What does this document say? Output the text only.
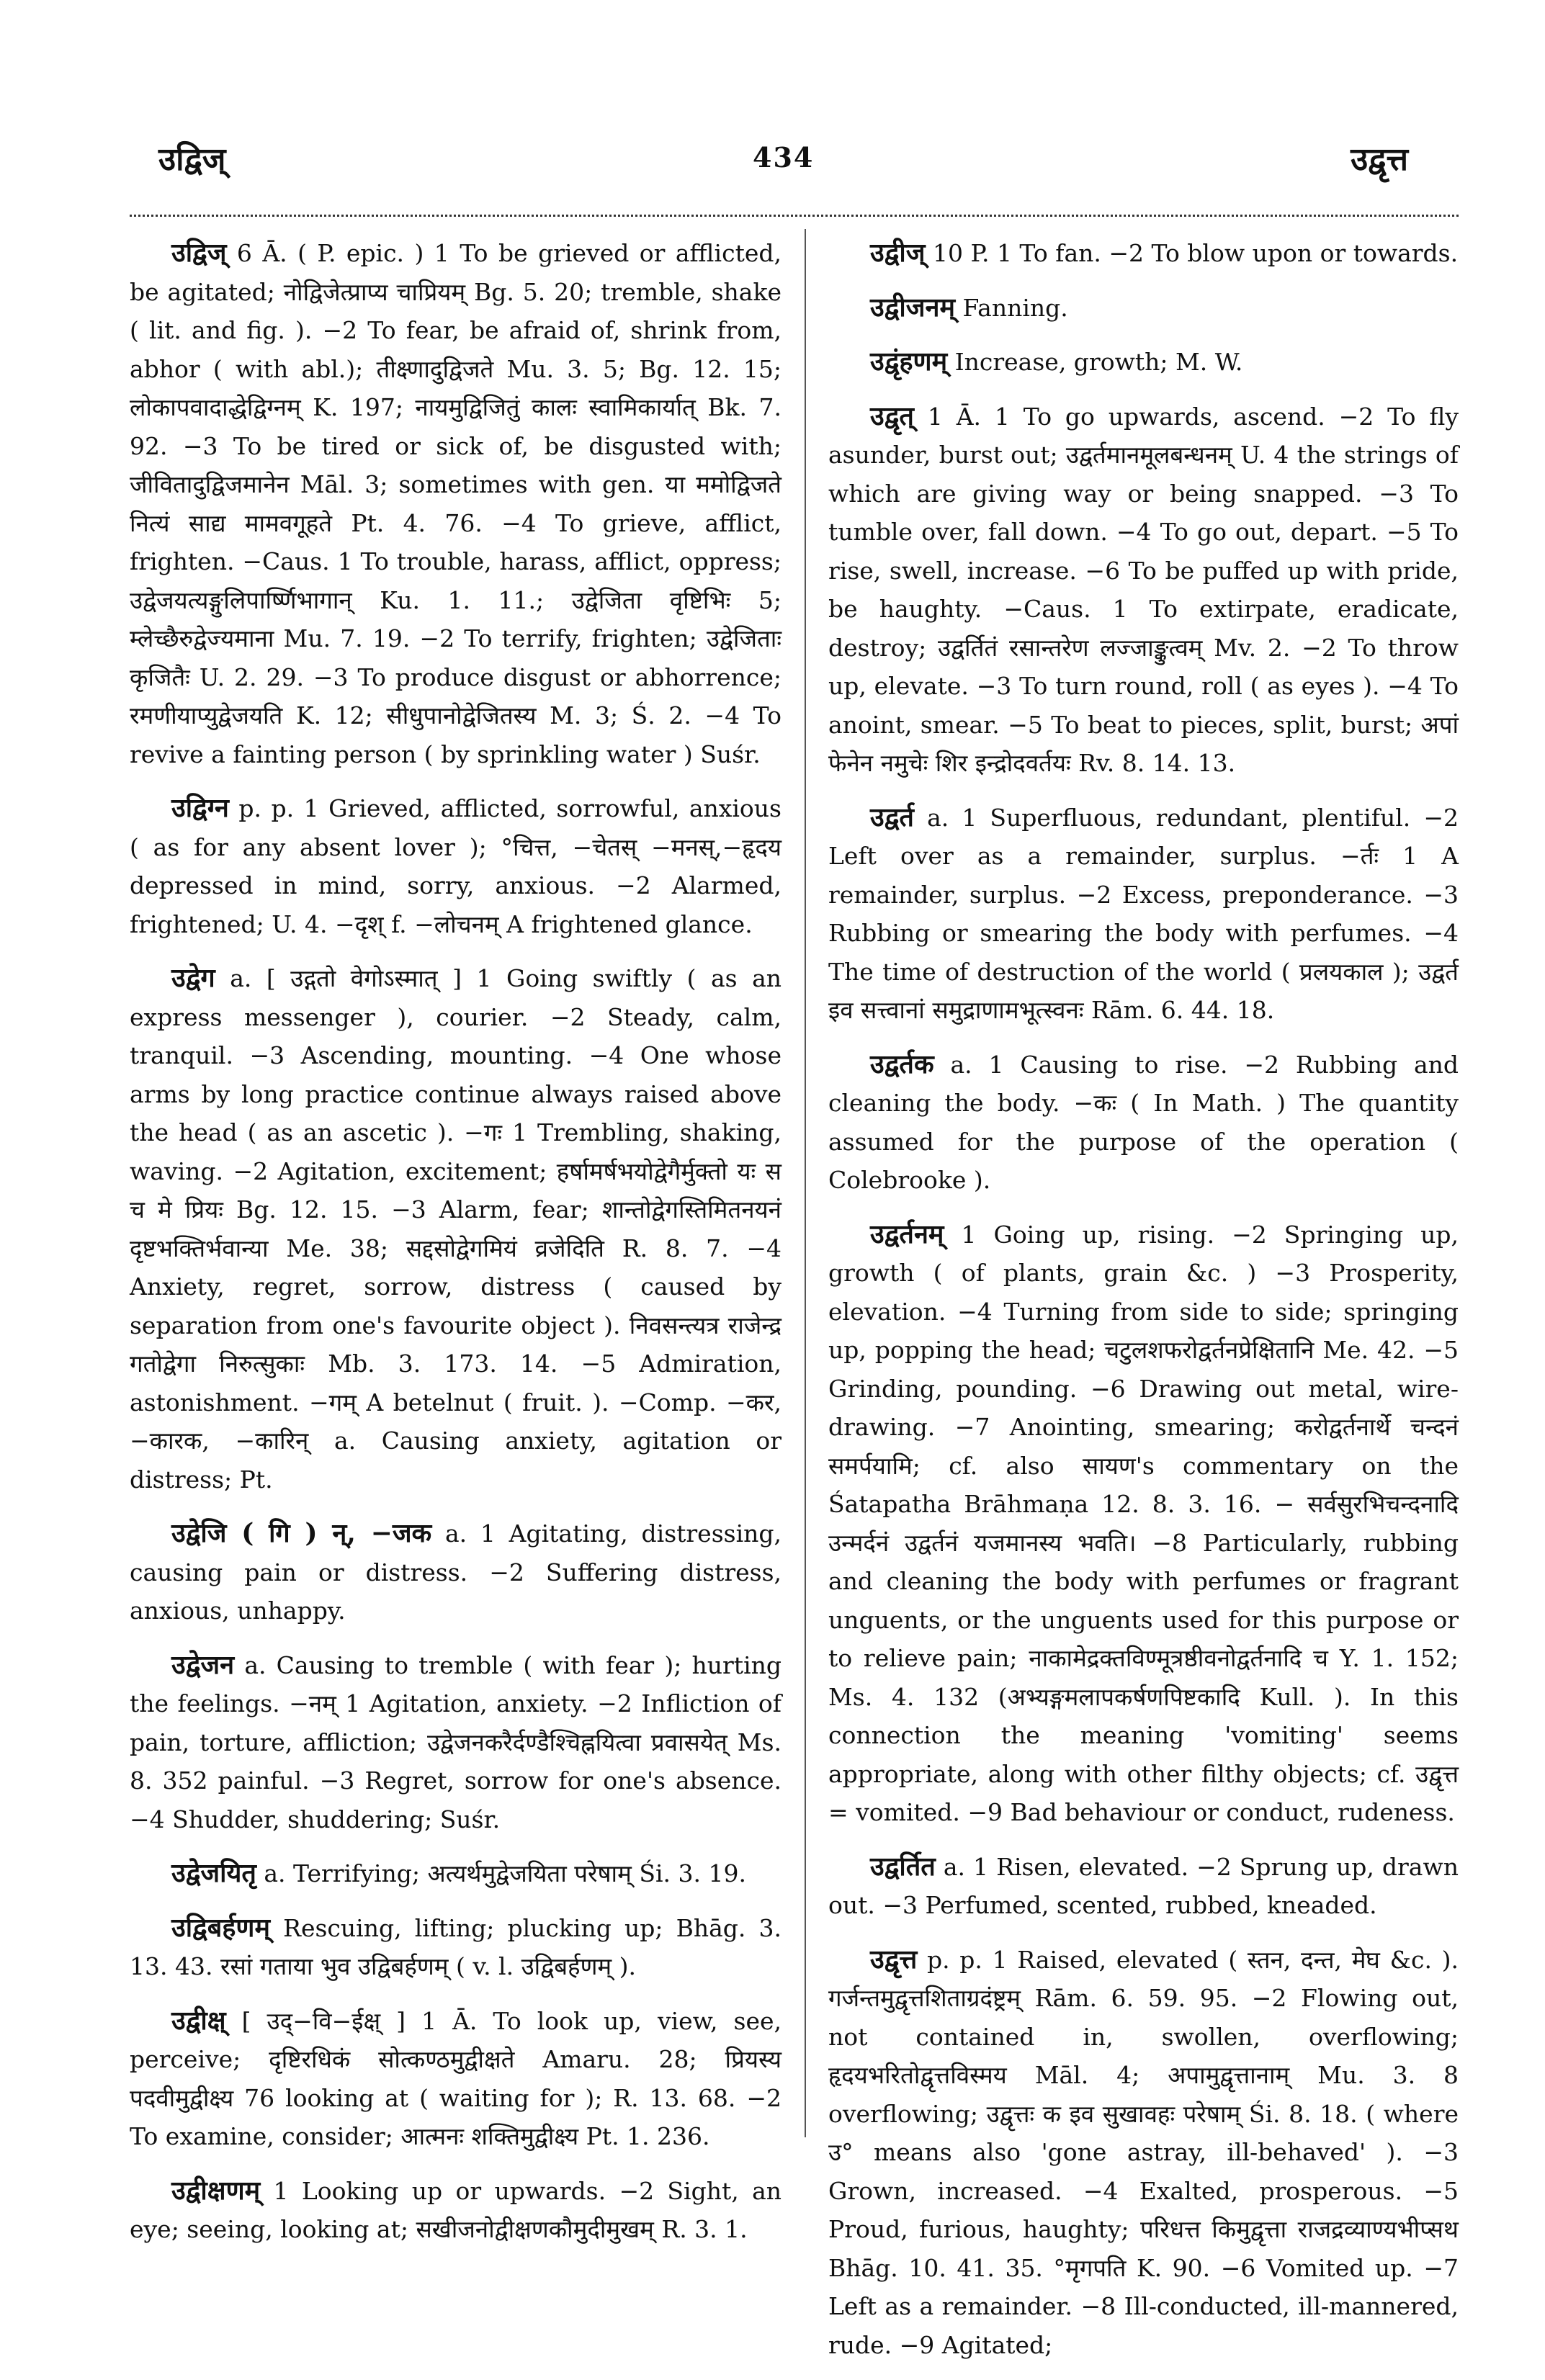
उद्विज्	434	उद्वृत्त

उद्विज् 6 Ā. ( P. epic. ) 1 To be grieved or afflicted, be agitated; नोद्विजेत्प्राप्य चाप्रियम् Bg. 5. 20; tremble, shake ( lit. and fig. ). −2 To fear, be afraid of, shrink from, abhor ( with abl.); तीक्ष्णादुद्विजते Mu. 3. 5; Bg. 12. 15; लोकापवादाद्धेद्विग्नम् K. 197; नायमुद्विजितुं कालः स्वामिकार्यात् Bk. 7. 92. −3 To be tired or sick of, be disgusted with; जीवितादुद्विजमानेन Māl. 3; sometimes with gen. या ममोद्विजते नित्यं साद्य मामवगूहते Pt. 4. 76. −4 To grieve, afflict, frighten. −Caus. 1 To trouble, harass, afflict, oppress; उद्वेजयत्यङ्गुलिपार्ष्णिभागान् Ku. 1. 11.; उद्वेजिता वृष्टिभिः 5; म्लेच्छैरुद्वेज्यमाना Mu. 7. 19. −2 To terrify, frighten; उद्वेजिताः कृजितैः U. 2. 29. −3 To produce disgust or abhorrence; रमणीयाप्युद्वेजयति K. 12; सीधुपानोद्वेजितस्य M. 3; Ś. 2. −4 To revive a fainting person ( by sprinkling water ) Suśr.

उद्विग्न p. p. 1 Grieved, afflicted, sorrowful, anxious ( as for any absent lover ); °चित्त, −चेतस् −मनस्,−हृदय depressed in mind, sorry, anxious. −2 Alarmed, frightened; U. 4. −दृश् f. −लोचनम् A frightened glance.

उद्वेग a. [ उद्गतो वेगोऽस्मात् ] 1 Going swiftly ( as an express messenger ), courier. −2 Steady, calm, tranquil. −3 Ascending, mounting. −4 One whose arms by long practice continue always raised above the head ( as an ascetic ). −गः 1 Trembling, shaking, waving. −2 Agitation, excitement; हर्षामर्षभयोद्वेगैर्मुक्तो यः स च मे प्रियः Bg. 12. 15. −3 Alarm, fear; शान्तोद्वेगस्तिमितनयनं दृष्टभक्तिर्भवान्या Me. 38; सद्दसोद्वेगमियं व्रजेदिति R. 8. 7. −4 Anxiety, regret, sorrow, distress ( caused by separation from one's favourite object ). निवसन्त्यत्र राजेन्द्र गतोद्वेगा निरुत्सुकाः Mb. 3. 173. 14. −5 Admiration, astonishment. −गम् A betelnut ( fruit. ). −Comp. −कर, −कारक, −कारिन् a. Causing anxiety, agitation or distress; Pt.

उद्वेजि ( गि ) न्, −जक a. 1 Agitating, distressing, causing pain or distress. −2 Suffering distress, anxious, unhappy.

उद्वेजन a. Causing to tremble ( with fear ); hurting the feelings. −नम् 1 Agitation, anxiety. −2 Infliction of pain, torture, affliction; उद्वेजनकरैर्दण्डैश्चिह्नयित्वा प्रवासयेत् Ms. 8. 352 painful. −3 Regret, sorrow for one's absence. −4 Shudder, shuddering; Suśr.

उद्वेजयितृ a. Terrifying; अत्यर्थमुद्वेजयिता परेषाम् Śi. 3. 19.

उद्विबर्हणम् Rescuing, lifting; plucking up; Bhāg. 3. 13. 43. रसां गताया भुव उद्विबर्हणम् ( v. l. उद्विबर्हणम् ).

उद्वीक्ष् [ उद्−वि−ईक्ष् ] 1 Ā. To look up, view, see, perceive; दृष्टिरधिकं सोत्कण्ठमुद्वीक्षते Amaru. 28; प्रियस्य पदवीमुद्वीक्ष्य 76 looking at ( waiting for ); R. 13. 68. −2 To examine, consider; आत्मनः शक्तिमुद्वीक्ष्य Pt. 1. 236.

उद्वीक्षणम् 1 Looking up or upwards. −2 Sight, an eye; seeing, looking at; सखीजनोद्वीक्षणकौमुदीमुखम् R. 3. 1.

उद्वीज् 10 P. 1 To fan. −2 To blow upon or towards.

उद्वीजनम् Fanning.

उद्वृंहणम् Increase, growth; M. W.

उद्वृत् 1 Ā. 1 To go upwards, ascend. −2 To fly asunder, burst out; उद्वर्तमानमूलबन्धनम् U. 4 the strings of which are giving way or being snapped. −3 To tumble over, fall down. −4 To go out, depart. −5 To rise, swell, increase. −6 To be puffed up with pride, be haughty. −Caus. 1 To extirpate, eradicate, destroy; उद्वर्तितं रसान्तरेण लज्जाङ्कुत्वम् Mv. 2. −2 To throw up, elevate. −3 To turn round, roll ( as eyes ). −4 To anoint, smear. −5 To beat to pieces, split, burst; अपां फेनेन नमुचेः शिर इन्द्रोदवर्तयः Rv. 8. 14. 13.

उद्वर्त a. 1 Superfluous, redundant, plentiful. −2 Left over as a remainder, surplus. −र्तः 1 A remainder, surplus. −2 Excess, preponderance. −3 Rubbing or smearing the body with perfumes. −4 The time of destruction of the world ( प्रलयकाल ); उद्वर्त इव सत्त्वानां समुद्राणामभूत्स्वनः Rām. 6. 44. 18.

उद्वर्तक a. 1 Causing to rise. −2 Rubbing and cleaning the body. −कः ( In Math. ) The quantity assumed for the purpose of the operation ( Colebrooke ).

उद्वर्तनम् 1 Going up, rising. −2 Springing up, growth ( of plants, grain &c. ) −3 Prosperity, elevation. −4 Turning from side to side; springing up, popping the head; चटुलशफरोद्वर्तनप्रेक्षितानि Me. 42. −5 Grinding, pounding. −6 Drawing out metal, wire-drawing. −7 Anointing, smearing; करोद्वर्तनार्थे चन्दनं समर्पयामि; cf. also सायण's commentary on the Śatapatha Brāhmaṇa 12. 8. 3. 16. − सर्वसुरभिचन्दनादि उन्मर्दनं उद्वर्तनं यजमानस्य भवति। −8 Particularly, rubbing and cleaning the body with perfumes or fragrant unguents, or the unguents used for this purpose or to relieve pain; नाकामेद्रक्तविण्मूत्रष्ठीवनोद्वर्तनादि च Y. 1. 152; Ms. 4. 132 (अभ्यङ्गमलापकर्षणपिष्टकादि Kull. ). In this connection the meaning 'vomiting' seems appropriate, along with other filthy objects; cf. उद्वृत्त = vomited. −9 Bad behaviour or conduct, rudeness.

उद्वर्तित a. 1 Risen, elevated. −2 Sprung up, drawn out. −3 Perfumed, scented, rubbed, kneaded.

उद्वृत्त p. p. 1 Raised, elevated ( स्तन, दन्त, मेघ &c. ). गर्जन्तमुद्वृत्तशिताग्रदंष्ट्रम् Rām. 6. 59. 95. −2 Flowing out, not contained in, swollen, overflowing; हृदयभरितोद्वृत्तविस्मय Māl. 4; अपामुद्वृत्तानाम् Mu. 3. 8 overflowing; उद्वृत्तः क इव सुखावहः परेषाम् Śi. 8. 18. ( where उ° means also 'gone astray, ill-behaved' ). −3 Grown, increased. −4 Exalted, prosperous. −5 Proud, furious, haughty; परिधत्त किमुद्वृत्ता राजद्रव्याण्यभीप्सथ Bhāg. 10. 41. 35. °मृगपति K. 90. −6 Vomited up. −7 Left as a remainder. −8 Ill-conducted, ill-mannered, rude. −9 Agitated;
